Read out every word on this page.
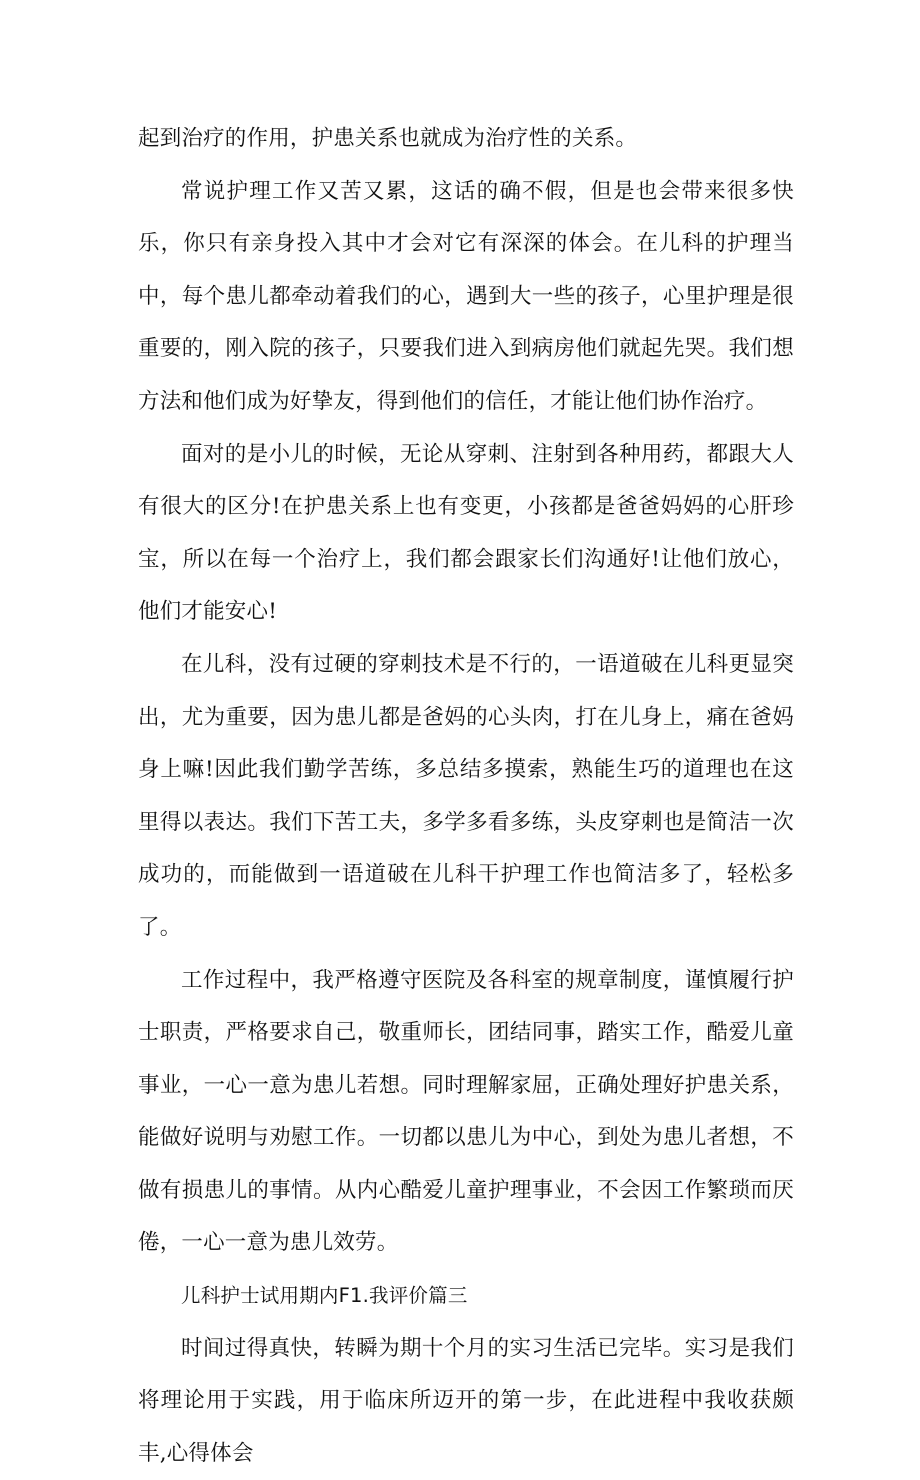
起到治疗的作用，护患关系也就成为治疗性的关系。

常说护理工作又苦又累，这话的确不假，但是也会带来很多快乐，你只有亲身投入其中才会对它有深深的体会。在儿科的护理当中，每个患儿都牵动着我们的心，遇到大一些的孩子，心里护理是很重要的，刚入院的孩子，只要我们进入到病房他们就起先哭。我们想方法和他们成为好挚友，得到他们的信任，才能让他们协作治疗。

面对的是小儿的时候，无论从穿刺、注射到各种用药，都跟大人有很大的区分!在护患关系上也有变更，小孩都是爸爸妈妈的心肝珍宝，所以在每一个治疗上，我们都会跟家长们沟通好!让他们放心，他们才能安心!

在儿科，没有过硬的穿刺技术是不行的，一语道破在儿科更显突出，尤为重要，因为患儿都是爸妈的心头肉，打在儿身上，痛在爸妈身上嘛!因此我们勤学苦练，多总结多摸索，熟能生巧的道理也在这里得以表达。我们下苦工夫，多学多看多练，头皮穿刺也是简洁一次成功的，而能做到一语道破在儿科干护理工作也简洁多了，轻松多了。

工作过程中，我严格遵守医院及各科室的规章制度，谨慎履行护士职责，严格要求自己，敬重师长，团结同事，踏实工作，酷爱儿童事业，一心一意为患儿若想。同时理解家屈，正确处理好护患关系，能做好说明与劝慰工作。一切都以患儿为中心，到处为患儿者想，不做有损患儿的事情。从内心酷爱儿童护理事业，不会因工作繁琐而厌倦，一心一意为患儿效劳。

儿科护士试用期内F1.我评价篇三

时间过得真快，转瞬为期十个月的实习生活已完毕。实习是我们将理论用于实践，用于临床所迈开的第一步，在此进程中我收获颇丰,心得体会
